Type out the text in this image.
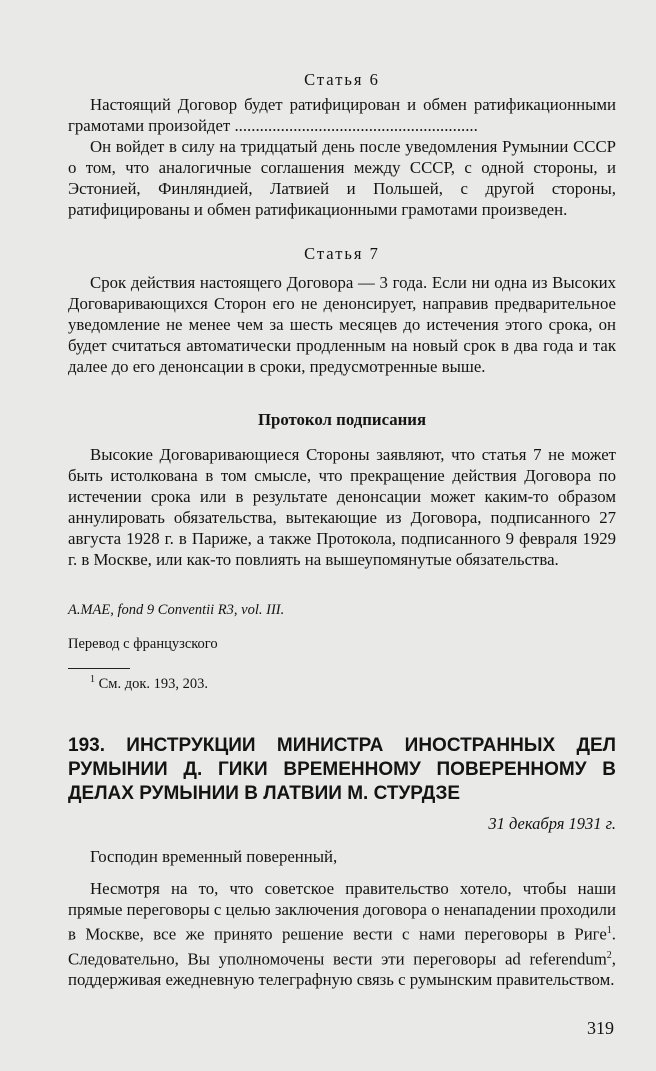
Статья 6

Настоящий Договор будет ратифицирован и обмен ратификационными грамотами произойдет ..........................................................

Он войдет в силу на тридцатый день после уведомления Румынии СССР о том, что аналогичные соглашения между СССР, с одной стороны, и Эстонией, Финляндией, Латвией и Польшей, с другой стороны, ратифицированы и обмен ратификационными грамотами произведен.

Статья 7

Срок действия настоящего Договора — 3 года. Если ни одна из Высоких Договаривающихся Сторон его не денонсирует, направив предварительное уведомление не менее чем за шесть месяцев до истечения этого срока, он будет считаться автоматически продленным на новый срок в два года и так далее до его денонсации в сроки, предусмотренные выше.

Протокол подписания

Высокие Договаривающиеся Стороны заявляют, что статья 7 не может быть истолкована в том смысле, что прекращение действия Договора по истечении срока или в результате денонсации может каким-то образом аннулировать обязательства, вытекающие из Договора, подписанного 27 августа 1928 г. в Париже, а также Протокола, подписанного 9 февраля 1929 г. в Москве, или как-то повлиять на вышеупомянутые обязательства.

A.MAE, fond 9 Conventii R3, vol. III.
Перевод с французского
$^1$ См. док. 193, 203.

193. ИНСТРУКЦИИ МИНИСТРА ИНОСТРАННЫХ ДЕЛ РУМЫНИИ Д. ГИКИ ВРЕМЕННОМУ ПОВЕРЕННОМУ В ДЕЛАХ РУМЫНИИ В ЛАТВИИ М. СТУРДЗЕ

31 декабря 1931 г.

Господин временный поверенный,

Несмотря на то, что советское правительство хотело, чтобы наши прямые переговоры с целью заключения договора о ненападении проходили в Москве, все же принято решение вести с нами переговоры в Риге$^1$. Следовательно, Вы уполномочены вести эти переговоры ad referendum$^2$, поддерживая ежедневную телеграфную связь с румынским правительством.

319
